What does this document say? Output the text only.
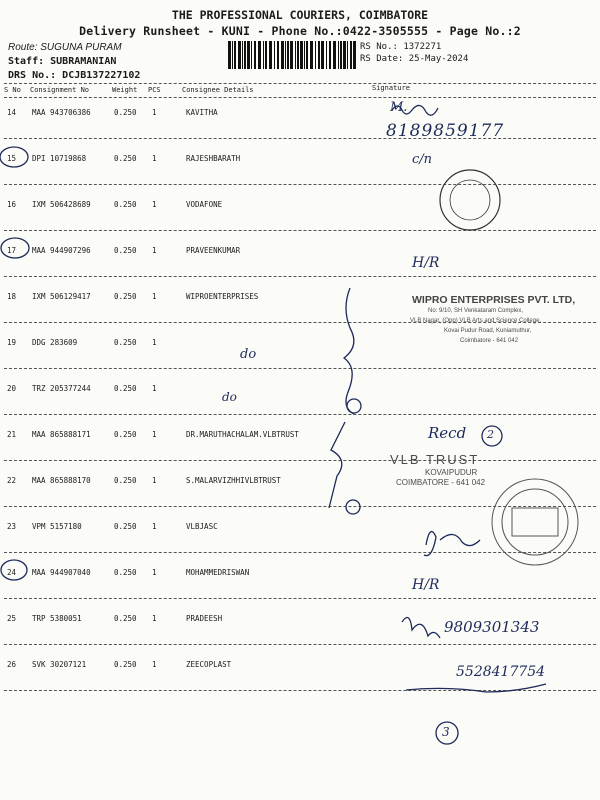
THE PROFESSIONAL COURIERS, COIMBATORE
Delivery Runsheet - KUNI - Phone No.:0422-3505555 - Page No.:2
Route: SUGUNA PURAM
Staff: SUBRAMANIAN
DRS No.: DCJB137227102
RS No.: 1372271
RS Date: 25-May-2024
S No Consignment No	Weight PCS	Consignee Details	Signature
14 MAA 943706386	0.250 1	KAVITHA
15 DPI 10719868	0.250 1	RAJESHBARATH
16 IXM 506428689	0.250 1	VODAFONE
17 MAA 944907296	0.250 1	PRAVEENKUMAR
18 IXM 506129417	0.250 1	WIPROENTERPRISES
19 DDG 283609	0.250 1
20 TRZ 205377244	0.250 1
21 MAA 865888171	0.250 1	DR.MARUTHACHALAM.VLBTRUST
22 MAA 865888170	0.250 1	S.MALARVIZHHIVLBTRUST
23 VPM 5157180	0.250 1	VLBJASC
24 MAA 944907040	0.250 1	MOHAMMEDRISWAN
25 TRP 5380051	0.250 1	PRADEESH
26 SVK 30207121	0.250 1	ZEECOPLAST
M.
8189859177
c/n
H/R
do
do
Recd 2
H/R
9809301343
5528417754
3
WIPRO ENTERPRISES PVT. LTD,
No: 9/10, SH Venkataram Complex,
VLB Nagar, (Opp) VLB Arts and Science College,
Kovai Pudur Road, Kuniamuthur,
Coimbatore - 641 042
VLB TRUST
KOVAIPUDUR
COIMBATORE - 641 042
